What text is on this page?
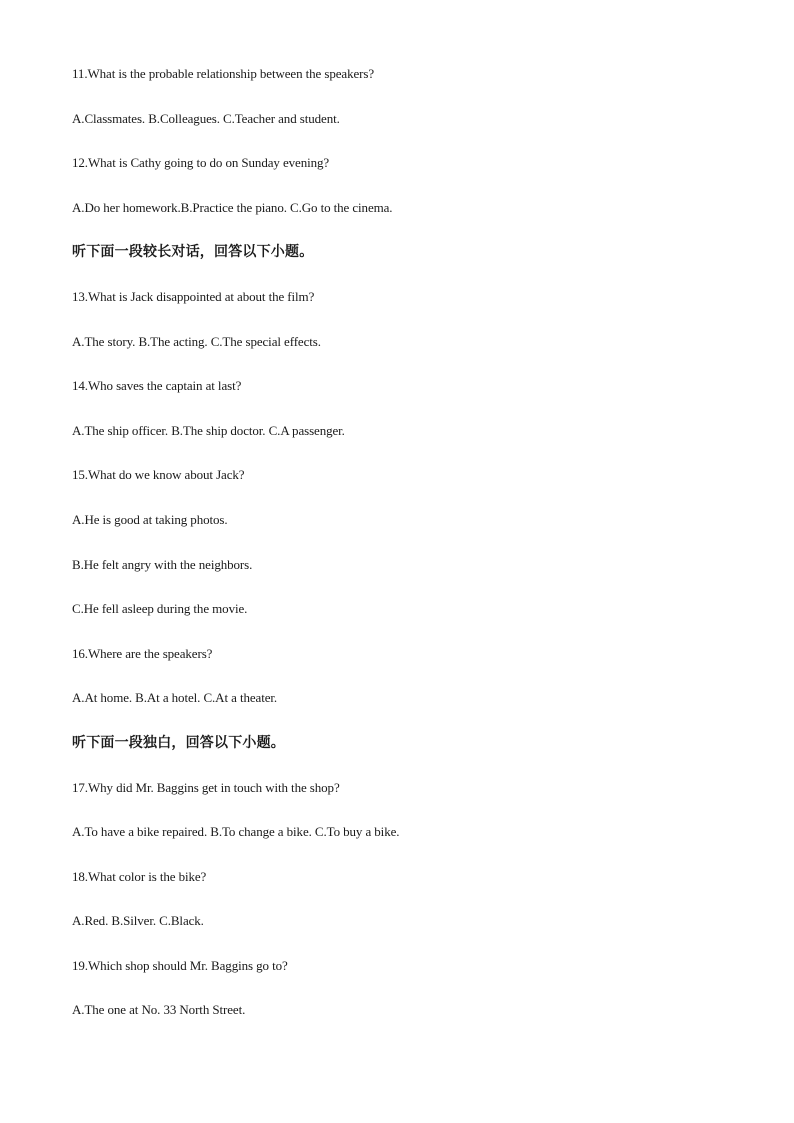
11.What is the probable relationship between the speakers?
A.Classmates. B.Colleagues. C.Teacher and student.
12.What is Cathy going to do on Sunday evening?
A.Do her homework.B.Practice the piano. C.Go to the cinema.
听下面一段较长对话，回答以下小题。
13.What is Jack disappointed at about the film?
A.The story. B.The acting. C.The special effects.
14.Who saves the captain at last?
A.The ship officer. B.The ship doctor. C.A passenger.
15.What do we know about Jack?
A.He is good at taking photos.
B.He felt angry with the neighbors.
C.He fell asleep during the movie.
16.Where are the speakers?
A.At home. B.At a hotel. C.At a theater.
听下面一段独白，回答以下小题。
17.Why did Mr. Baggins get in touch with the shop?
A.To have a bike repaired. B.To change a bike. C.To buy a bike.
18.What color is the bike?
A.Red. B.Silver. C.Black.
19.Which shop should Mr. Baggins go to?
A.The one at No. 33 North Street.
